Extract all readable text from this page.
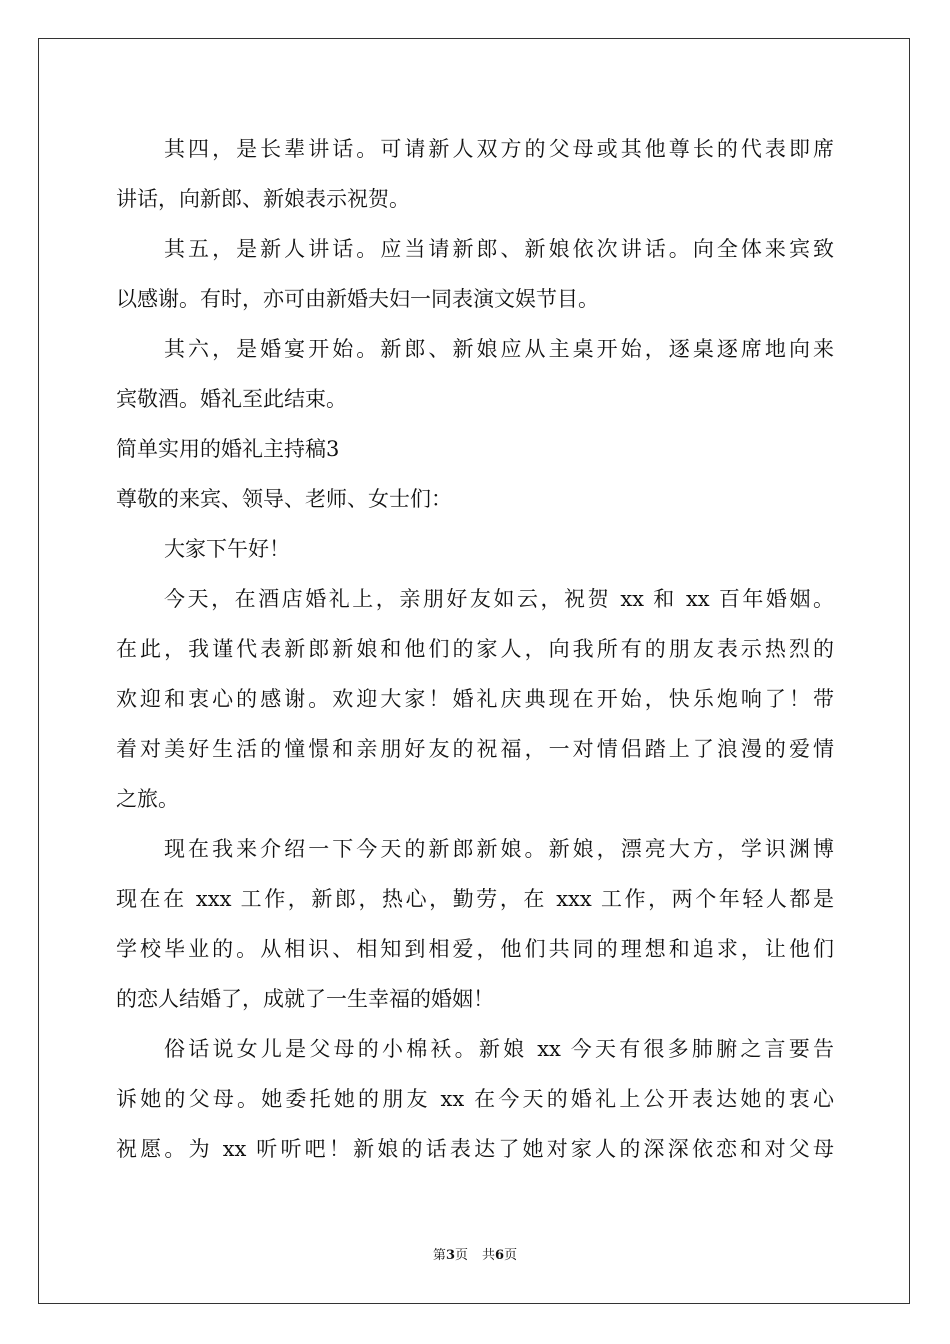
其四，是长辈讲话。可请新人双方的父母或其他尊长的代表即席
讲话，向新郎、新娘表示祝贺。
其五，是新人讲话。应当请新郎、新娘依次讲话。向全体来宾致
以感谢。有时，亦可由新婚夫妇一同表演文娱节目。
其六，是婚宴开始。新郎、新娘应从主桌开始，逐桌逐席地向来
宾敬酒。婚礼至此结束。
简单实用的婚礼主持稿3
尊敬的来宾、领导、老师、女士们：
大家下午好！
今天，在酒店婚礼上，亲朋好友如云，祝贺 xx 和 xx 百年婚姻。
在此，我谨代表新郎新娘和他们的家人，向我所有的朋友表示热烈的
欢迎和衷心的感谢。欢迎大家！婚礼庆典现在开始，快乐炮响了！带
着对美好生活的憧憬和亲朋好友的祝福，一对情侣踏上了浪漫的爱情
之旅。
现在我来介绍一下今天的新郎新娘。新娘，漂亮大方，学识渊博
现在在 xxx 工作，新郎，热心，勤劳，在 xxx 工作，两个年轻人都是
学校毕业的。从相识、相知到相爱，他们共同的理想和追求，让他们
的恋人结婚了，成就了一生幸福的婚姻！
俗话说女儿是父母的小棉袄。新娘 xx 今天有很多肺腑之言要告
诉她的父母。她委托她的朋友 xx 在今天的婚礼上公开表达她的衷心
祝愿。为 xx 听听吧！新娘的话表达了她对家人的深深依恋和对父母
第3页 共6页
